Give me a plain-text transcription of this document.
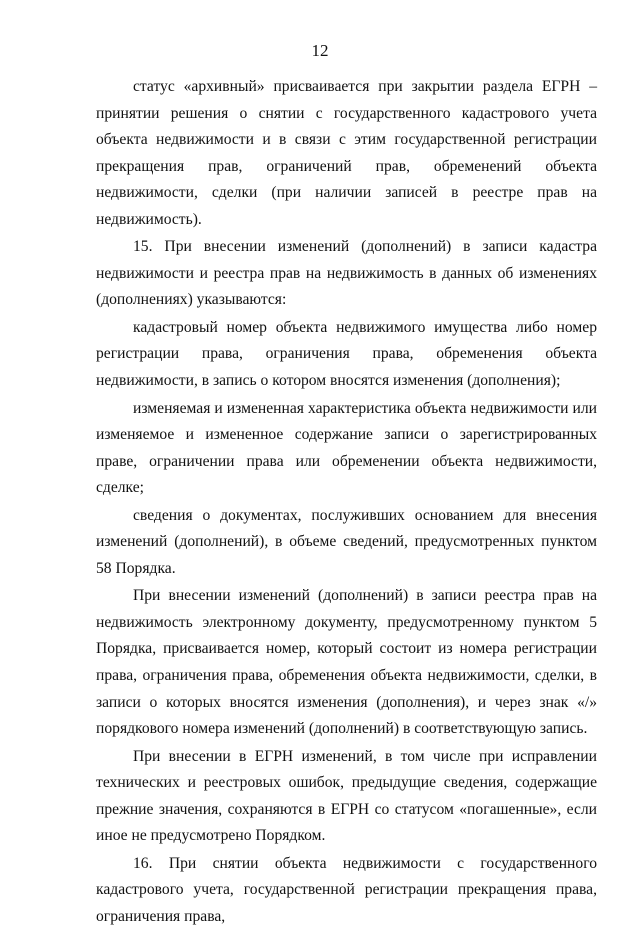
12

статус «архивный» присваивается при закрытии раздела ЕГРН – принятии решения о снятии с государственного кадастрового учета объекта недвижимости и в связи с этим государственной регистрации прекращения прав, ограничений прав, обременений объекта недвижимости, сделки (при наличии записей в реестре прав на недвижимость).

15. При внесении изменений (дополнений) в записи кадастра недвижимости и реестра прав на недвижимость в данных об изменениях (дополнениях) указываются:

кадастровый номер объекта недвижимого имущества либо номер регистрации права, ограничения права, обременения объекта недвижимости, в запись о котором вносятся изменения (дополнения);

изменяемая и измененная характеристика объекта недвижимости или изменяемое и измененное содержание записи о зарегистрированных праве, ограничении права или обременении объекта недвижимости, сделке;

сведения о документах, послуживших основанием для внесения изменений (дополнений), в объеме сведений, предусмотренных пунктом 58 Порядка.

При внесении изменений (дополнений) в записи реестра прав на недвижимость электронному документу, предусмотренному пунктом 5 Порядка, присваивается номер, который состоит из номера регистрации права, ограничения права, обременения объекта недвижимости, сделки, в записи о которых вносятся изменения (дополнения), и через знак «/» порядкового номера изменений (дополнений) в соответствующую запись.

При внесении в ЕГРН изменений, в том числе при исправлении технических и реестровых ошибок, предыдущие сведения, содержащие прежние значения, сохраняются в ЕГРН со статусом «погашенные», если иное не предусмотрено Порядком.

16. При снятии объекта недвижимости с государственного кадастрового учета, государственной регистрации прекращения права, ограничения права,
